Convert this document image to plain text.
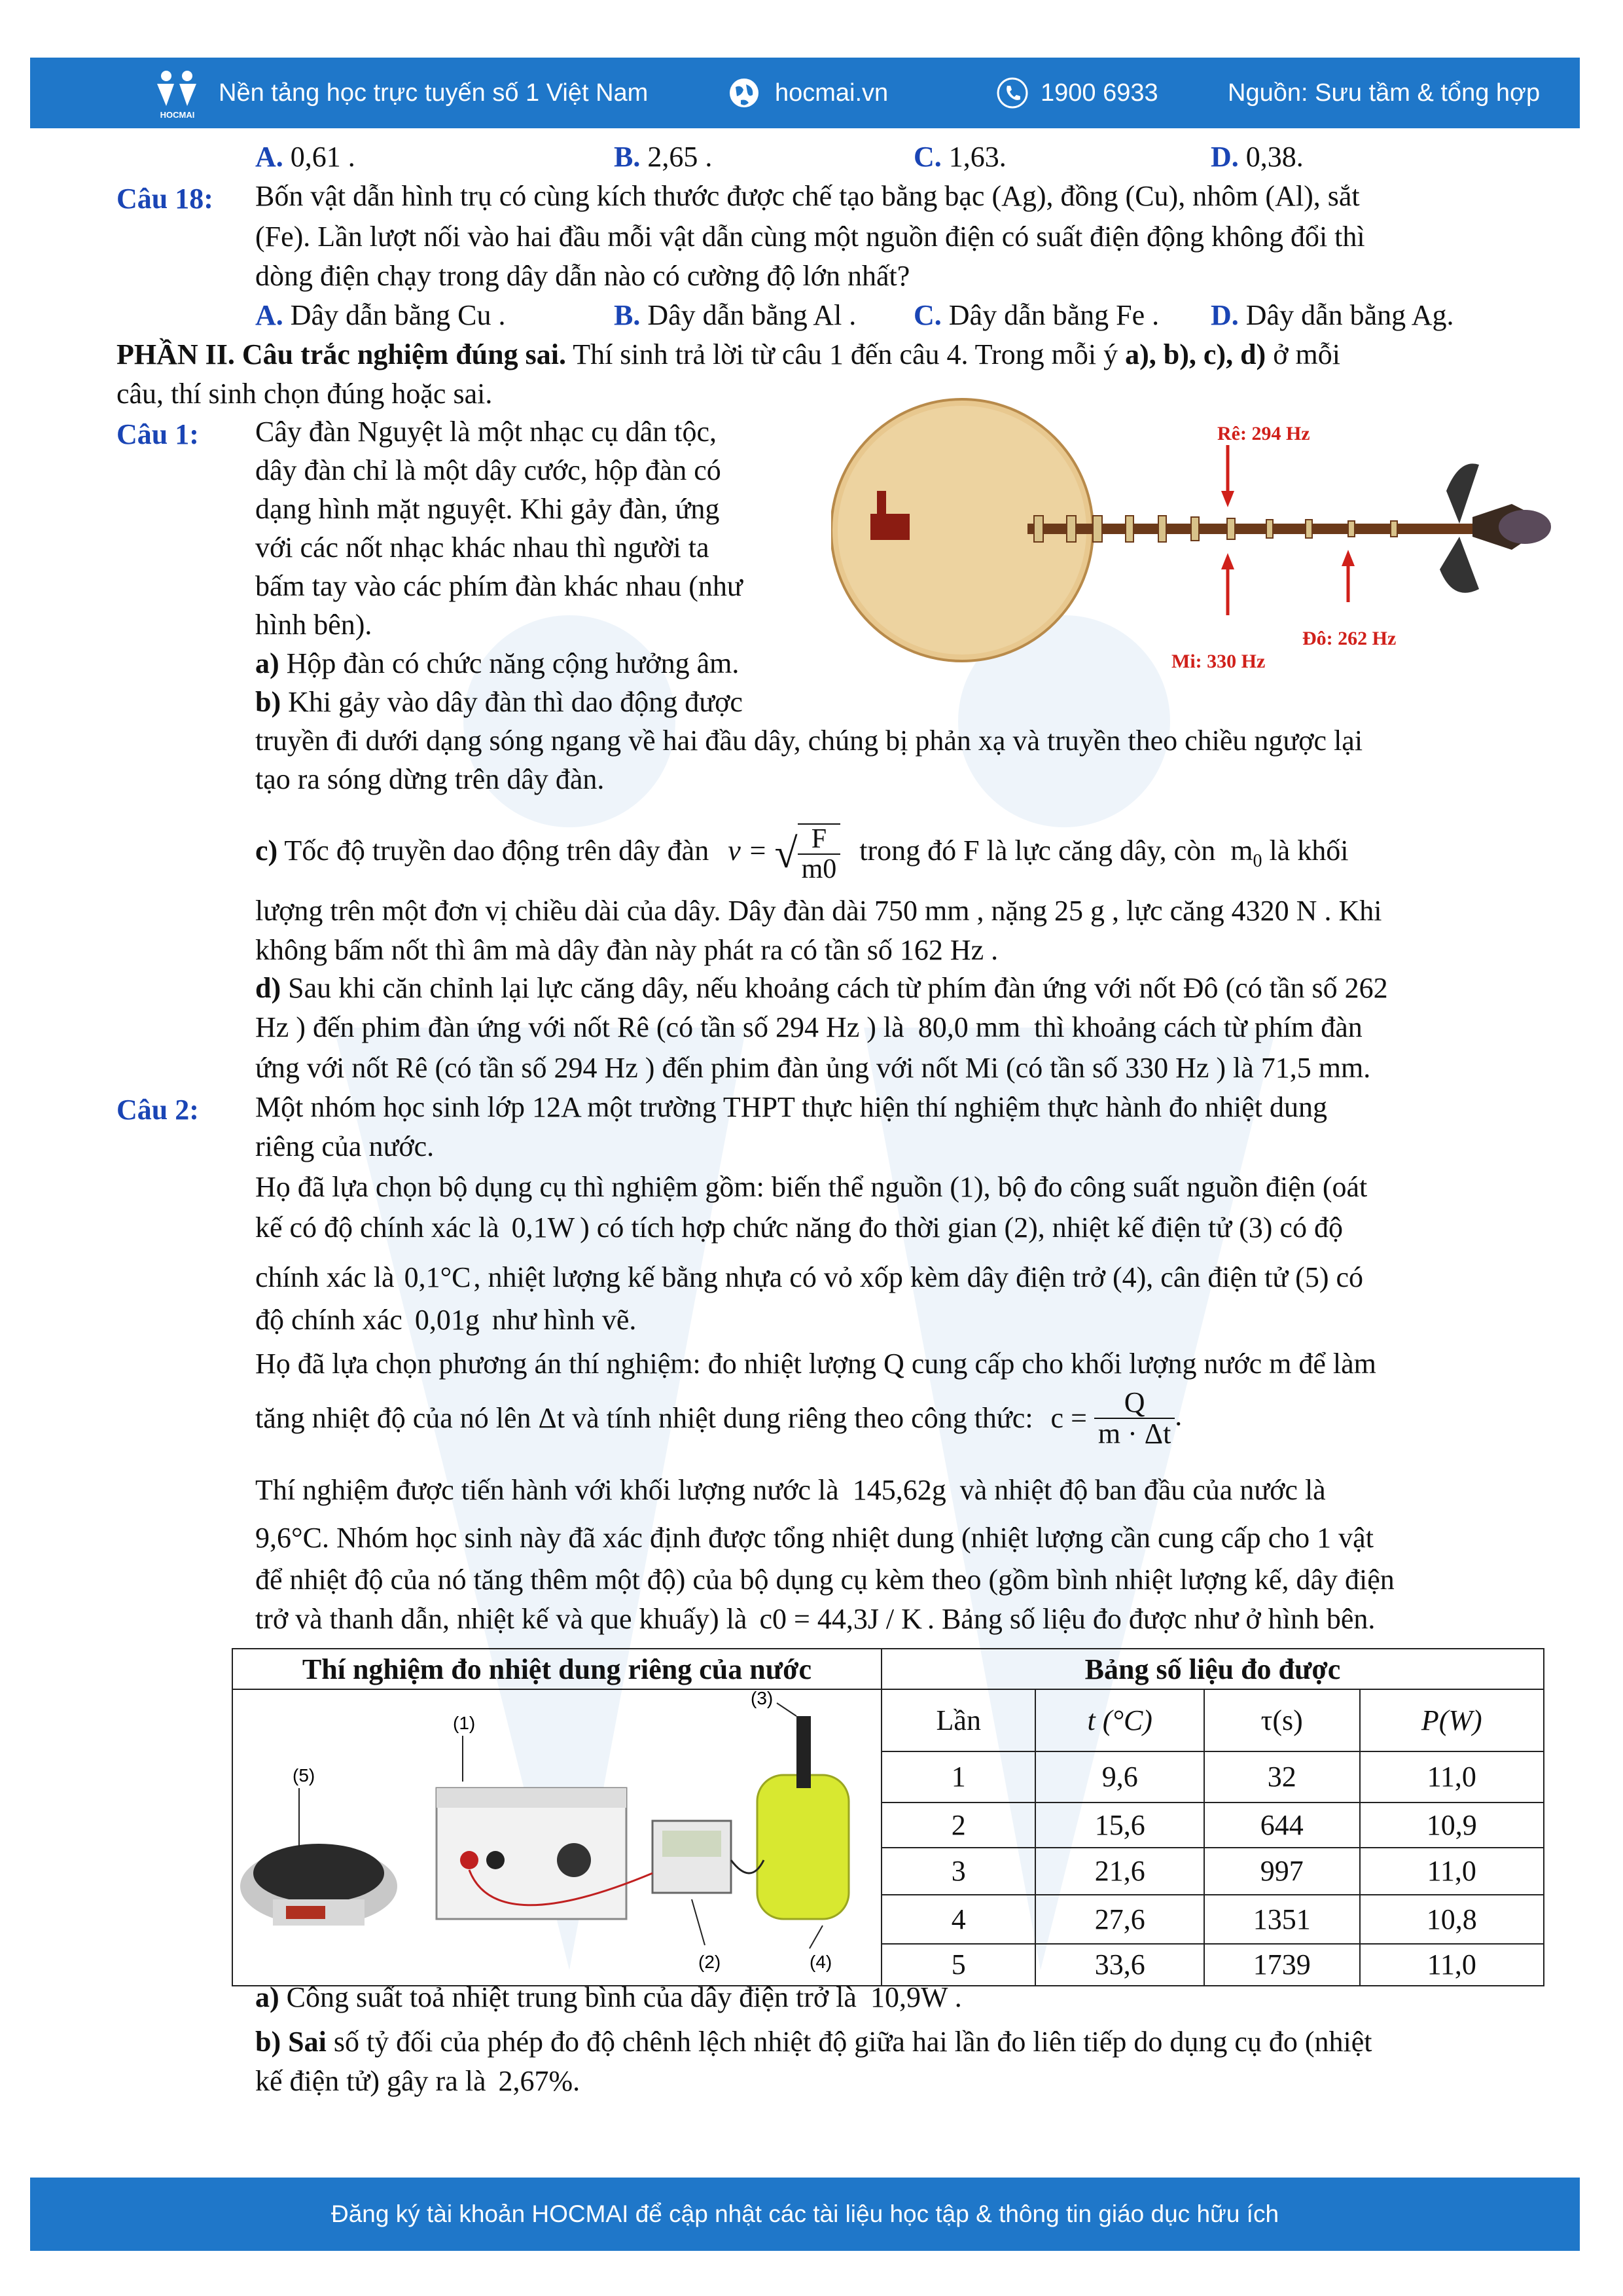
HOCMAI
Nền tảng học trực tuyến số 1 Việt Nam	hocmai.vn	1900 6933	Nguồn: Sưu tầm & tổng hợp
A. 0,61 .	B. 2,65 .	C. 1,63.	D. 0,38.
Câu 18: Bốn vật dẫn hình trụ có cùng kích thước được chế tạo bằng bạc (Ag), đồng (Cu), nhôm (Al), sắt
(Fe). Lần lượt nối vào hai đầu mỗi vật dẫn cùng một nguồn điện có suất điện động không đổi thì
dòng điện chạy trong dây dẫn nào có cường độ lớn nhất?
A. Dây dẫn bằng Cu .	B. Dây dẫn bằng Al . C. Dây dẫn bằng Fe . D. Dây dẫn bằng Ag.
PHẦN II. Câu trắc nghiệm đúng sai. Thí sinh trả lời từ câu 1 đến câu 4. Trong mỗi ý a), b), c), d) ở mỗi
câu, thí sinh chọn đúng hoặc sai.
Câu 1: Cây đàn Nguyệt là một nhạc cụ dân tộc,
dây đàn chỉ là một dây cước, hộp đàn có
dạng hình mặt nguyệt. Khi gảy đàn, ứng
với các nốt nhạc khác nhau thì người ta
bấm tay vào các phím đàn khác nhau (như
hình bên).
a) Hộp đàn có chức năng cộng hưởng âm.
b) Khi gảy vào dây đàn thì dao động được
truyền đi dưới dạng sóng ngang về hai đầu dây, chúng bị phản xạ và truyền theo chiều ngược lại
tạo ra sóng dừng trên dây đàn.
Rê: 294 Hz
Mi: 330 Hz
Đô: 262 Hz
c) Tốc độ truyền dao động trên dây đàn v = √ $\frac{F}{m0}$ trong đó F là lực căng dây, còn $m_0$ là khối
lượng trên một đơn vị chiều dài của dây. Dây đàn dài 750 mm , nặng 25 g , lực căng 4320 N . Khi
không bấm nốt thì âm mà dây đàn này phát ra có tần số 162 Hz .
d) Sau khi căn chỉnh lại lực căng dây, nếu khoảng cách từ phím đàn ứng với nốt Đô (có tần số 262
Hz ) đến phim đàn ứng với nốt Rê (có tần số 294 Hz ) là 80,0 mm thì khoảng cách từ phím đàn
ứng với nốt Rê (có tần số 294 Hz ) đến phim đàn ủng với nốt Mi (có tần số 330 Hz ) là 71,5 mm.
Câu 2: Một nhóm học sinh lớp 12A một trường THPT thực hiện thí nghiệm thực hành đo nhiệt dung
riêng của nước.
Họ đã lựa chọn bộ dụng cụ thì nghiệm gồm: biến thể nguồn (1), bộ đo công suất nguồn điện (oát
kế có độ chính xác là 0,1W ) có tích hợp chức năng đo thời gian (2), nhiệt kế điện tử (3) có độ
chính xác là 0,1°C, nhiệt lượng kế bằng nhựa có vỏ xốp kèm dây điện trở (4), cân điện tử (5) có
độ chính xác 0,01g như hình vẽ.
Họ đã lựa chọn phương án thí nghiệm: đo nhiệt lượng Q cung cấp cho khối lượng nước m để làm
tăng nhiệt độ của nó lên Δt và tính nhiệt dung riêng theo công thức: $c = \frac{Q}{m \cdot \Delta t}$ .
Thí nghiệm được tiến hành với khối lượng nước là 145,62g và nhiệt độ ban đầu của nước là
9,6°C. Nhóm học sinh này đã xác định được tổng nhiệt dung (nhiệt lượng cần cung cấp cho 1 vật
để nhiệt độ của nó tăng thêm một độ) của bộ dụng cụ kèm theo (gồm bình nhiệt lượng kế, dây điện
trở và thanh dẫn, nhiệt kế và que khuấy) là c0 = 44,3J / K . Bảng số liệu đo được như ở hình bên.
Thí nghiệm đo nhiệt dung riêng của nước	Bảng số liệu đo được			

(5)
(1)
(2)
(3)
(4)	Lần	t (°C)	τ(s)	P(W)
	1	9,6	32	11,0
	2	15,6	644	10,9
	3	21,6	997	11,0
	4	27,6	1351	10,8
	5	33,6	1739	11,0
a) Công suất toả nhiệt trung bình của dây điện trở là 10,9W .
b) Sai số tỷ đối của phép đo độ chênh lệch nhiệt độ giữa hai lần đo liên tiếp do dụng cụ đo (nhiệt
kế điện tử) gây ra là 2,67%.
Đăng ký tài khoản HOCMAI để cập nhật các tài liệu học tập & thông tin giáo dục hữu ích
